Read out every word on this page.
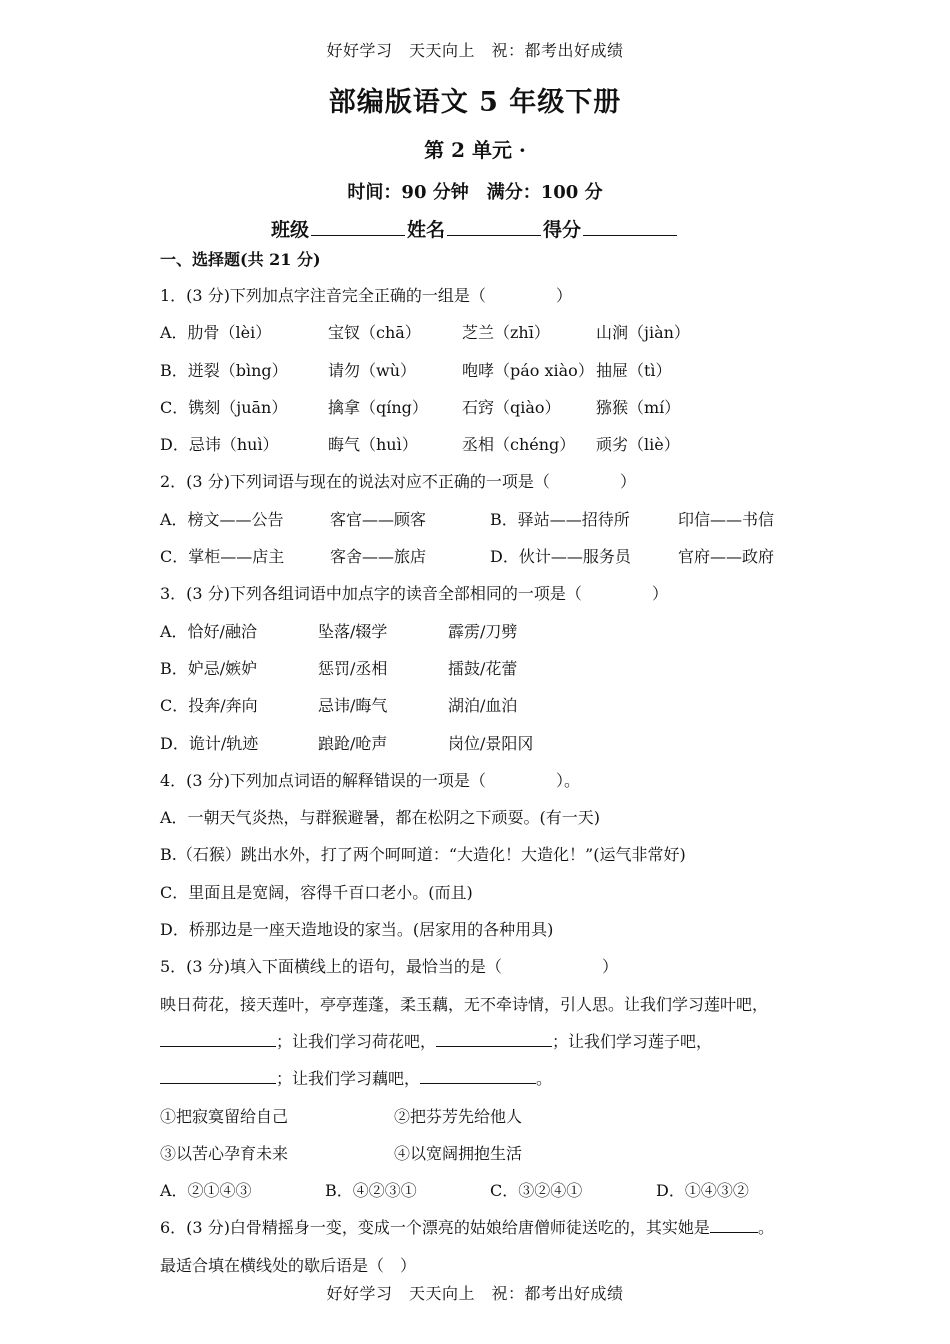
好好学习　天天向上　祝：都考出好成绩
部编版语文 5 年级下册
第 2 单元 ·
时间：90 分钟　满分：100 分
班级	姓名	得分
一、选择题(共 21 分)
1．(3 分)下列加点字注音完全正确的一组是（	）
A．肋骨（lèi）	宝钗（chā）	芝兰（zhī）	山涧（jiàn）
B．迸裂（bìng）	请勿（wù）	咆哮（páo xiào） 抽屉（tì）
C．镌刻（juān）	擒拿（qíng） 石窍（qiào） 猕猴（mí）
D．忌讳（huì）	晦气（huì）	丞相（chéng） 顽劣（liè）
2．(3 分)下列词语与现在的说法对应不正确的一项是（	）
A．榜文——公告	客官——顾客	B．驿站——招待所	印信——书信
C．掌柜——店主	客舍——旅店	D．伙计——服务员	官府——政府
3．(3 分)下列各组词语中加点字的读音全部相同的一项是（	）
A．恰好/融洽	坠落/辍学	霹雳/刀劈
B．妒忌/嫉妒	惩罚/丞相	擂鼓/花蕾
C．投奔/奔向	忌讳/晦气	湖泊/血泊
D．诡计/轨迹	踉跄/呛声	岗位/景阳冈
4．(3 分)下列加点词语的解释错误的一项是（	）。
A．一朝天气炎热，与群猴避暑，都在松阴之下顽耍。(有一天)
B.（石猴）跳出水外，打了两个呵呵道：“大造化！大造化！”(运气非常好)
C．里面且是宽阔，容得千百口老小。(而且)
D．桥那边是一座天造地设的家当。(居家用的各种用具)
5．(3 分)填入下面横线上的语句，最恰当的是（	）
映日荷花，接天莲叶，亭亭莲蓬，柔玉藕，无不牵诗情，引人思。让我们学习莲叶吧，
；让我们学习荷花吧，	；让我们学习莲子吧，
；让我们学习藕吧，	。
①把寂寞留给自己	②把芬芳先给他人
③以苦心孕育未来	④以宽阔拥抱生活
A．②①④③	B．④②③①	C．③②④①	D．①④③②
6．(3 分)白骨精摇身一变，变成一个漂亮的姑娘给唐僧师徒送吃的，其实她是	。
最适合填在横线处的歇后语是（　）
好好学习　天天向上　祝：都考出好成绩
